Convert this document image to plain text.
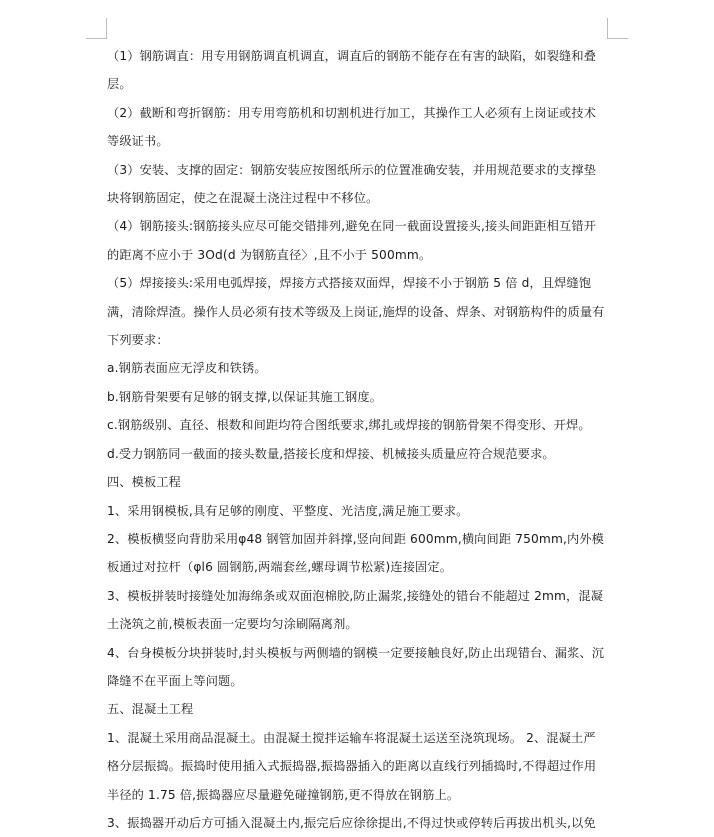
（1）钢筋调直：用专用钢筋调直机调直，调直后的钢筋不能存在有害的缺陷，如裂缝和叠层。

（2）截断和弯折钢筋：用专用弯筋机和切割机进行加工，其操作工人必须有上岗证或技术等级证书。

（3）安装、支撑的固定：钢筋安装应按图纸所示的位置准确安装，并用规范要求的支撑垫块将钢筋固定，使之在混凝土浇注过程中不移位。

（4）钢筋接头:钢筋接头应尽可能交错排列,避免在同一截面设置接头,接头间距距相互错开的距离不应小于 3Od(d 为钢筋直径〉,且不小于 500mm。

（5）焊接接头:采用电弧焊接，焊接方式搭接双面焊，焊接不小于钢筋 5 倍 d，且焊缝饱满，清除焊渣。操作人员必须有技术等级及上岗证,施焊的设备、焊条、对钢筋构件的质量有下列要求：

a.钢筋表面应无浮皮和铁锈。

b.钢筋骨架要有足够的钢支撑,以保证其施工钢度。

c.钢筋级别、直径、根数和间距均符合图纸要求,绑扎或焊接的钢筋骨架不得变形、开焊。

d.受力钢筋同一截面的接头数量,搭接长度和焊接、机械接头质量应符合规范要求。

四、模板工程

1、采用钢模板,具有足够的刚度、平整度、光洁度,满足施工要求。

2、模板横竖向背肋采用φ48 钢管加固并斜撑,竖向间距 600mm,横向间距 750mm,内外模板通过对拉杆（φl6 圆钢筋,两端套丝,螺母调节松紧)连接固定。

3、模板拼装时接缝处加海绵条或双面泡棉胶,防止漏浆,接缝处的错台不能超过 2mm，混凝土浇筑之前,模板表面一定要均匀涂刷隔离剂。

4、台身模板分块拼装时,封头模板与两侧墙的钢模一定要接触良好,防止出现错台、漏浆、沉降缝不在平面上等问题。

五、混凝土工程

1、混凝土采用商品混凝土。由混凝土搅拌运输车将混凝土运送至浇筑现场。 2、混凝土严格分层振捣。振捣时使用插入式振捣器,振捣器插入的距离以直线行列插捣时,不得超过作用半径的 1.75 倍,振捣器应尽量避免碰撞钢筋,更不得放在钢筋上。

3、振捣器开动后方可插入混凝土内,振完后应徐徐提出,不得过快或停转后再拔出机头,以免
